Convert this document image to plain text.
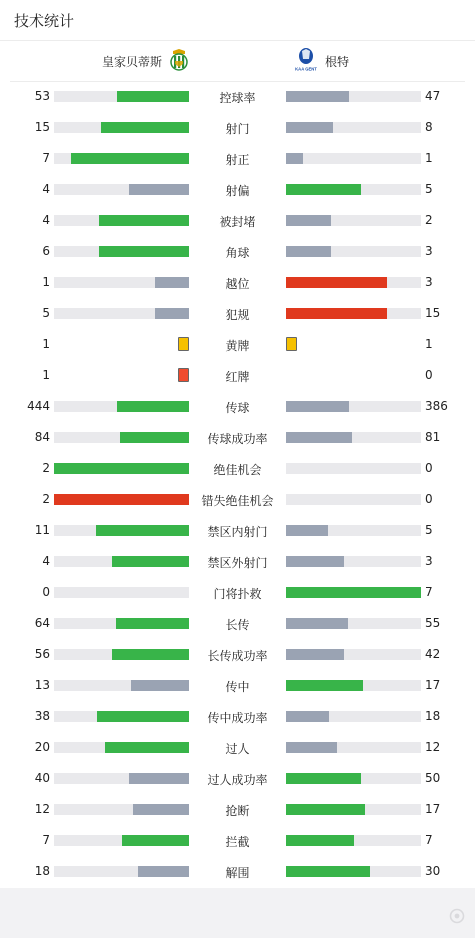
技术统计
皇家贝蒂斯	KAA GENT 根特
53	控球率	47
15	射门	8
7	射正	1
4	射偏	5
4	被封堵	2
6	角球	3
1	越位	3
5	犯规	15
1	黄牌	1
1	红牌	0
444	传球	386
84	传球成功率	81
2	绝佳机会	0
2	错失绝佳机会	0
11	禁区内射门	5
4	禁区外射门	3
0	门将扑救	7
64	长传	55
56	长传成功率	42
13	传中	17
38	传中成功率	18
20	过人	12
40	过人成功率	50
12	抢断	17
7	拦截	7
18	解围	30
